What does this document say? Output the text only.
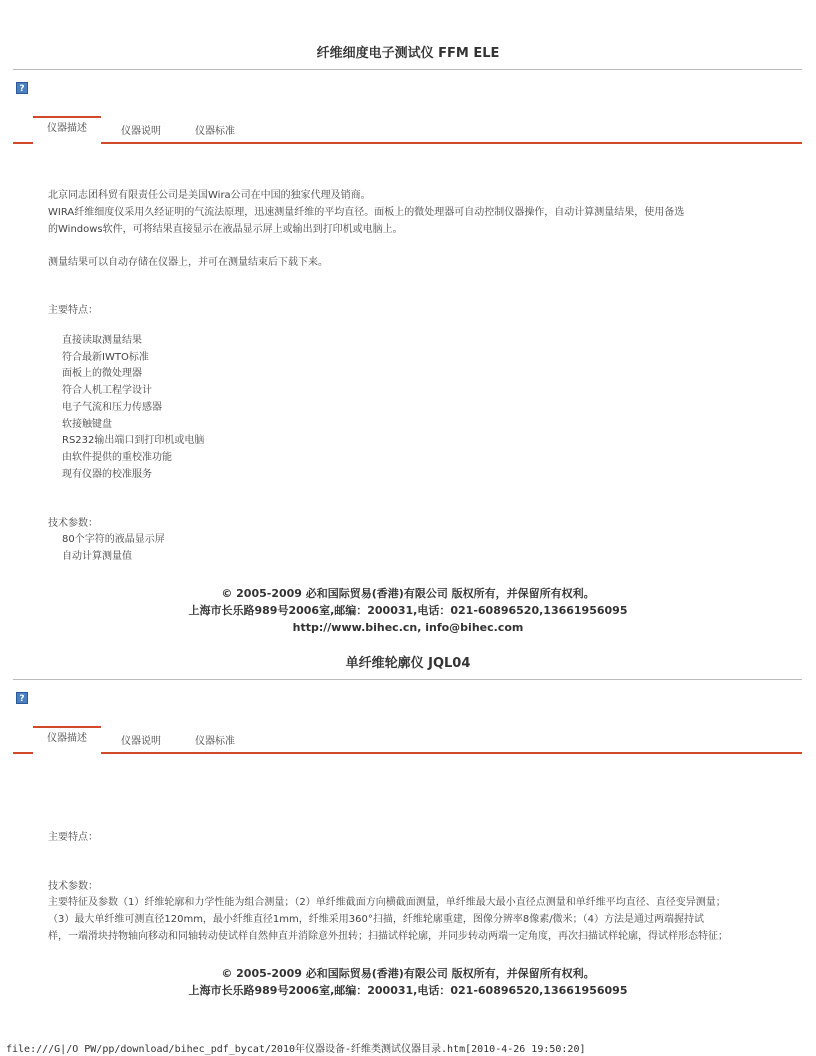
纤维细度电子测试仪 FFM ELE
?
仪器描述	仪器说明	仪器标准
北京同志团科贸有限责任公司是美国Wira公司在中国的独家代理及销商。
WIRA纤维细度仪采用久经证明的气流法原理，迅速测量纤维的平均直径。面板上的微处理器可自动控制仪器操作，自动计算测量结果，使用备选
的Windows软件，可将结果直接显示在液晶显示屏上或输出到打印机或电脑上。
测量结果可以自动存储在仪器上，并可在测量结束后下载下来。
主要特点：
直接读取测量结果
符合最新IWTO标准
面板上的微处理器
符合人机工程学设计
电子气流和压力传感器
软接触键盘
RS232输出端口到打印机或电脑
由软件提供的重校准功能
现有仪器的校准服务
技术参数：
80个字符的液晶显示屏
自动计算测量值
© 2005-2009 必和国际贸易(香港)有限公司 版权所有，并保留所有权利。
上海市长乐路989号2006室,邮编：200031,电话：021-60896520,13661956095
http://www.bihec.cn, info@bihec.com
单纤维轮廓仪 JQL04
?
仪器描述	仪器说明	仪器标准
主要特点：
技术参数：
主要特征及参数（1）纤维轮廓和力学性能为组合测量；（2）单纤维截面方向横截面测量，单纤维最大最小直径点测量和单纤维平均直径、直径变异测量；
（3）最大单纤维可测直径120mm，最小纤维直径1mm，纤维采用360°扫描，纤维轮廓重建，图像分辨率8像素/微米；（4）方法是通过两端握持试
样，一端滑块持物轴向移动和同轴转动使试样自然伸直并消除意外扭转；扫描试样轮廓，并同步转动两端一定角度，再次扫描试样轮廓，得试样形态特征；
© 2005-2009 必和国际贸易(香港)有限公司 版权所有，并保留所有权利。
上海市长乐路989号2006室,邮编：200031,电话：021-60896520,13661956095
file:///G|/O PW/pp/download/bihec_pdf_bycat/2010年仪器设备-纤维类测试仪器目录.htm[2010-4-26 19:50:20]
